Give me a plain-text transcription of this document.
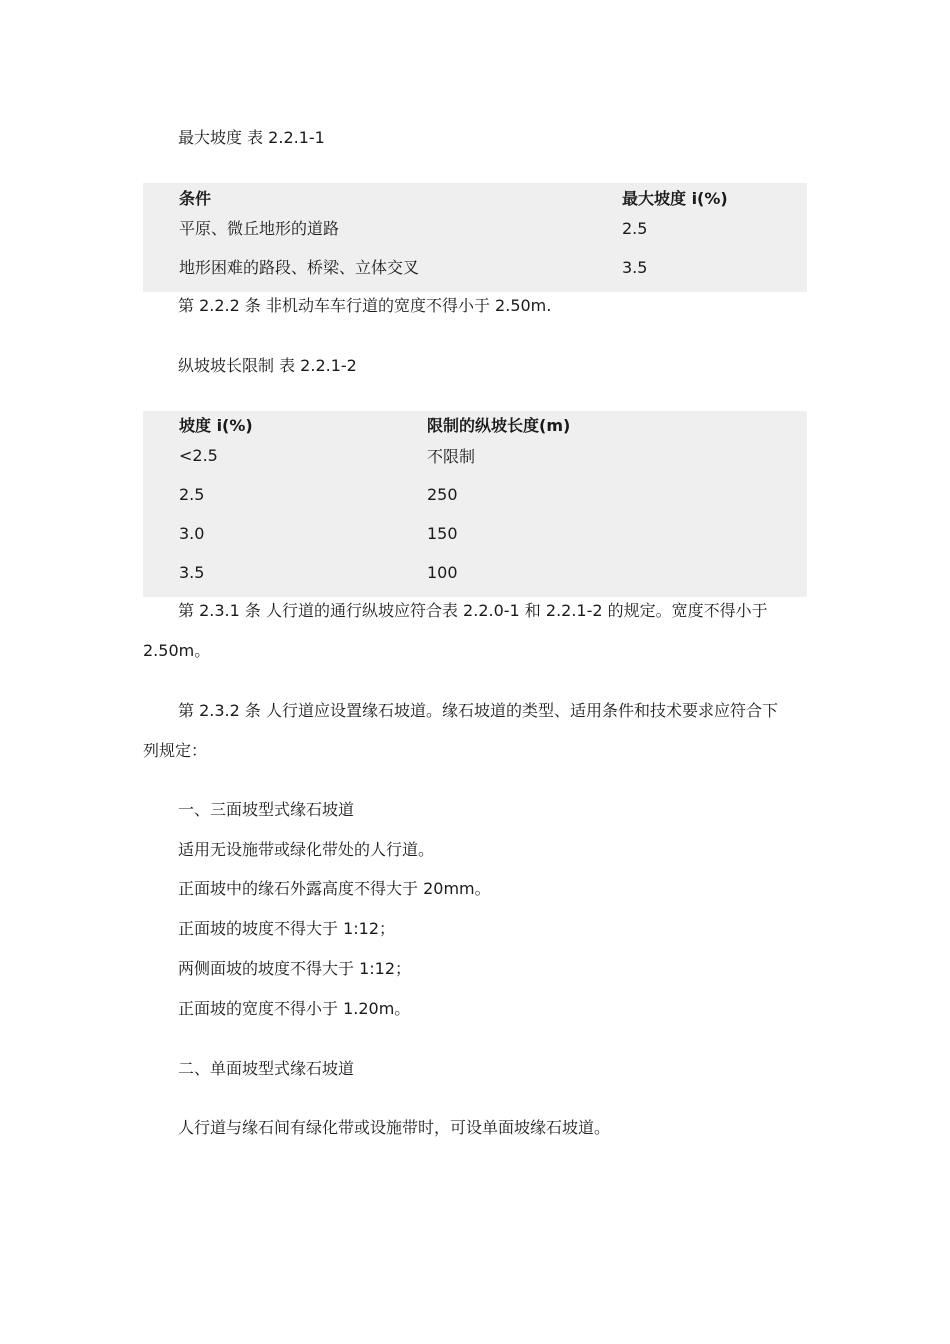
最大坡度 表 2.2.1-1
条件	最大坡度 i(%)
平原、微丘地形的道路	2.5
地形困难的路段、桥梁、立体交叉	3.5
第 2.2.2 条 非机动车车行道的宽度不得小于 2.50m.
纵坡坡长限制 表 2.2.1-2
坡度 i(%)	限制的纵坡长度(m)
<2.5	不限制
2.5	250
3.0	150
3.5	100
第 2.3.1 条 人行道的通行纵坡应符合表 2.2.0-1 和 2.2.1-2 的规定。宽度不得小于
2.50m。
第 2.3.2 条 人行道应设置缘石坡道。缘石坡道的类型、适用条件和技术要求应符合下
列规定：
一、三面坡型式缘石坡道
适用无设施带或绿化带处的人行道。
正面坡中的缘石外露高度不得大于 20mm。
正面坡的坡度不得大于 1:12；
两侧面坡的坡度不得大于 1:12；
正面坡的宽度不得小于 1.20m。
二、单面坡型式缘石坡道
人行道与缘石间有绿化带或设施带时，可设单面坡缘石坡道。
